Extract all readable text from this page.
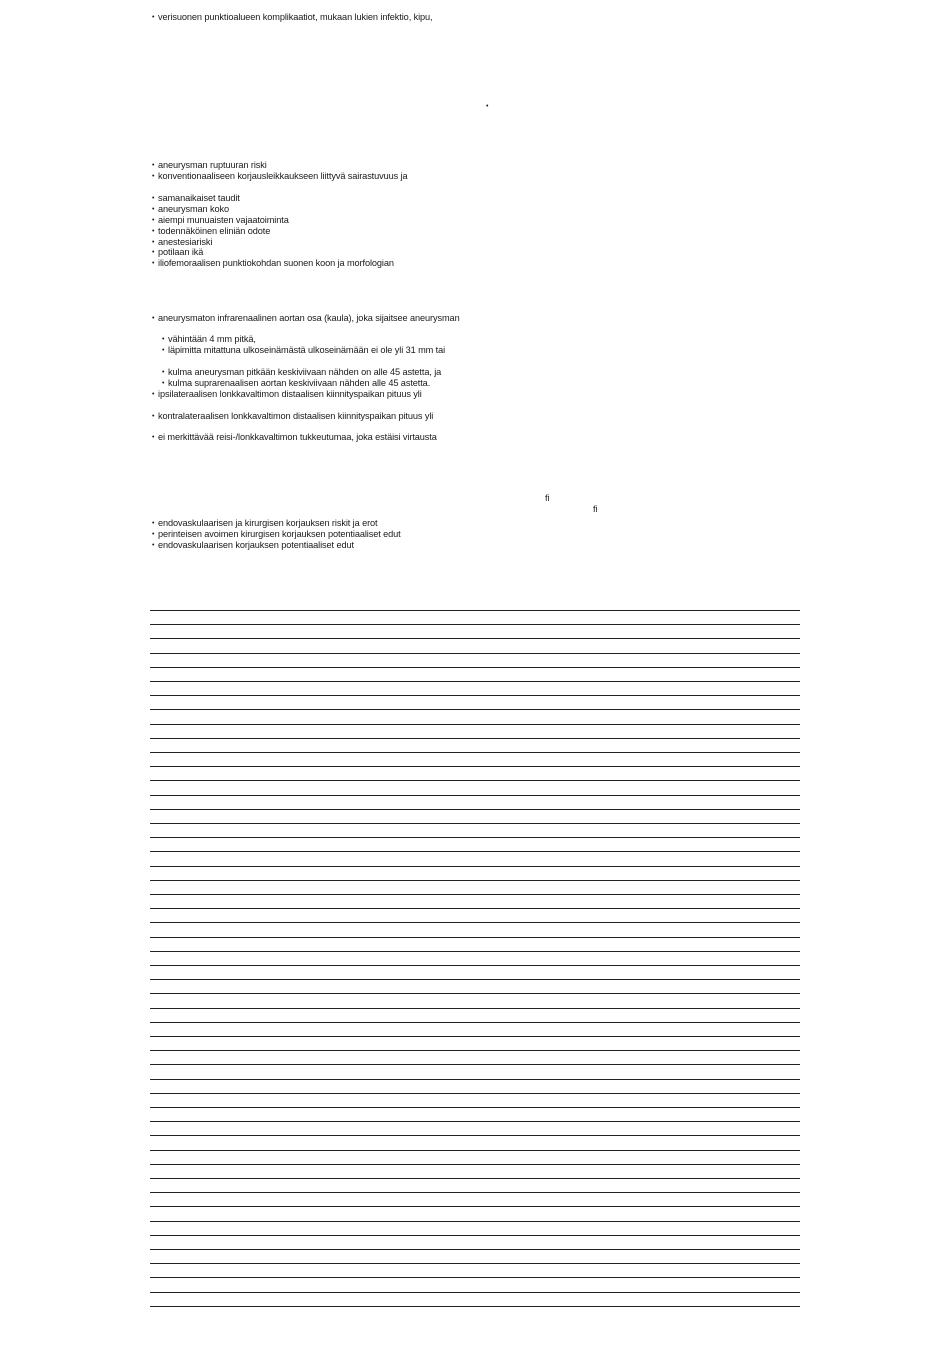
• verisuonen punktioalueen komplikaatiot, mukaan lukien infektio, kipu,
•
• aneurysman ruptuuran riski
• konventionaaliseen korjausleikkaukseen liittyvä sairastuvuus ja
• samanaikaiset taudit
• aneurysman koko
• aiempi munuaisten vajaatoiminta
• todennäköinen eliniän odote
• anestesiariski
• potilaan ikä
• iliofemoraalisen punktiokohdan suonen koon ja morfologian
• aneurysmaton infrarenaalinen aortan osa (kaula), joka sijaitsee aneurysman
• vähintään 4 mm pitkä,
• läpimitta mitattuna ulkoseinämästä ulkoseinämään ei ole yli 31 mm tai
• kulma aneurysman pitkään keskiviivaan nähden on alle 45 astetta, ja
• kulma suprarenaalisen aortan keskiviivaan nähden alle 45 astetta.
• ipsilateraalisen lonkkavaltimon distaalisen kiinnityspaikan pituus yli
• kontralateraalisen lonkkavaltimon distaalisen kiinnityspaikan pituus yli
• ei merkittävää reisi-/lonkkavaltimon tukkeutumaa, joka estäisi virtausta
ﬁ
ﬁ
• endovaskulaarisen ja kirurgisen korjauksen riskit ja erot
• perinteisen avoimen kirurgisen korjauksen potentiaaliset edut
• endovaskulaarisen korjauksen potentiaaliset edut
